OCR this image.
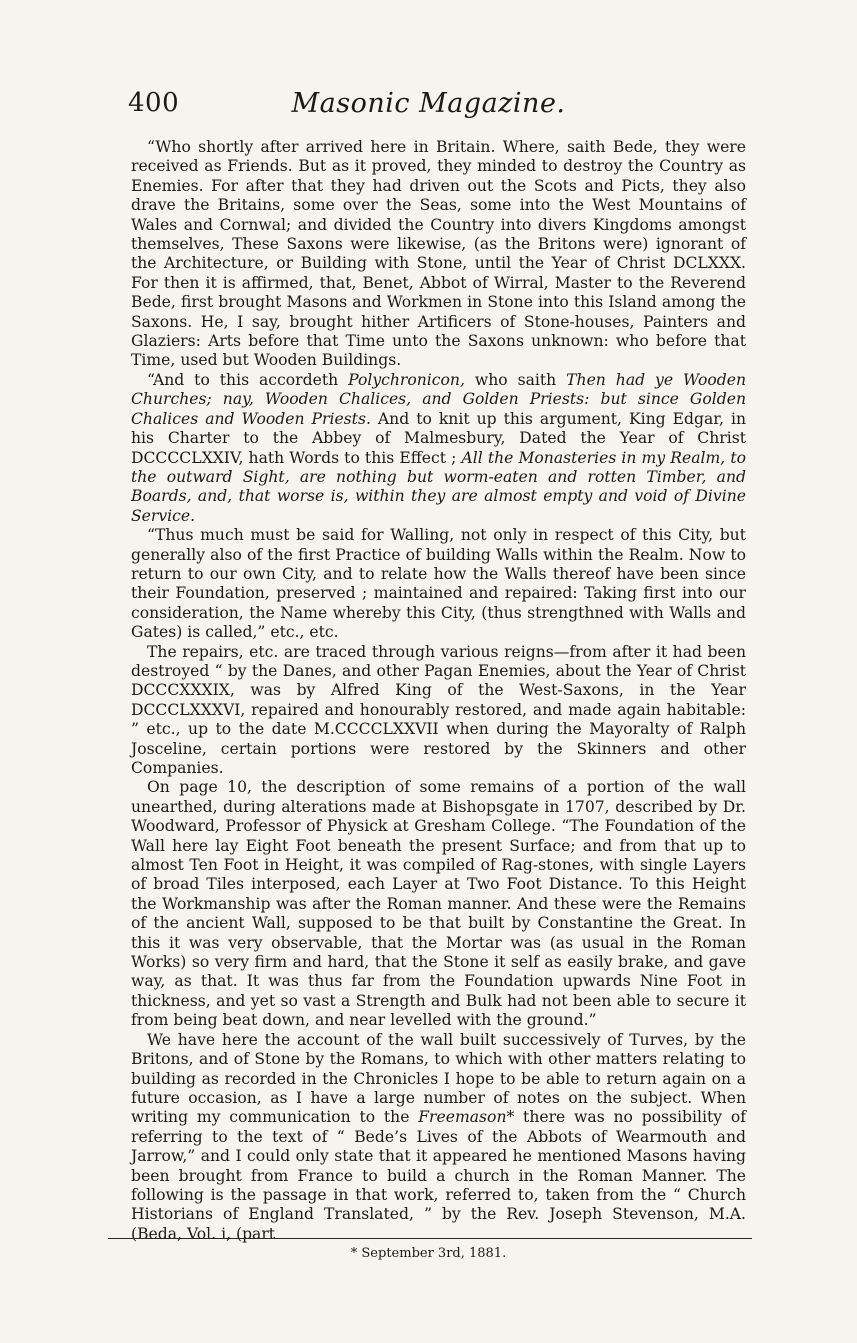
400	Masonic Magazine.

“Who shortly after arrived here in Britain. Where, saith Bede, they were received as Friends. But as it proved, they minded to destroy the Country as Enemies. For after that they had driven out the Scots and Picts, they also drave the Britains, some over the Seas, some into the West Mountains of Wales and Cornwal; and divided the Country into divers Kingdoms amongst themselves, These Saxons were likewise, (as the Britons were) ignorant of the Architecture, or Building with Stone, until the Year of Christ DCLXXX. For then it is affirmed, that, Benet, Abbot of Wirral, Master to the Reverend Bede, first brought Masons and Workmen in Stone into this Island among the Saxons. He, I say, brought hither Artificers of Stone-houses, Painters and Glaziers: Arts before that Time unto the Saxons unknown: who before that Time, used but Wooden Buildings.

“And to this accordeth Polychronicon, who saith Then had ye Wooden Churches; nay, Wooden Chalices, and Golden Priests: but since Golden Chalices and Wooden Priests. And to knit up this argument, King Edgar, in his Charter to the Abbey of Malmesbury, Dated the Year of Christ DCCCCLXXIV, hath Words to this Effect ; All the Monasteries in my Realm, to the outward Sight, are nothing but worm-eaten and rotten Timber, and Boards, and, that worse is, within they are almost empty and void of Divine Service.

“Thus much must be said for Walling, not only in respect of this City, but generally also of the first Practice of building Walls within the Realm. Now to return to our own City, and to relate how the Walls thereof have been since their Foundation, preserved ; maintained and repaired: Taking first into our consideration, the Name whereby this City, (thus strengthned with Walls and Gates) is called,” etc., etc.

The repairs, etc. are traced through various reigns—from after it had been destroyed “ by the Danes, and other Pagan Enemies, about the Year of Christ DCCCXXXIX, was by Alfred King of the West-Saxons, in the Year DCCCLXXXVI, repaired and honourably restored, and made again habitable: ” etc., up to the date M.CCCCLXXVII when during the Mayoralty of Ralph Josceline, certain portions were restored by the Skinners and other Companies.

On page 10, the description of some remains of a portion of the wall unearthed, during alterations made at Bishopsgate in 1707, described by Dr. Woodward, Professor of Physick at Gresham College. “The Foundation of the Wall here lay Eight Foot beneath the present Surface; and from that up to almost Ten Foot in Height, it was compiled of Rag-stones, with single Layers of broad Tiles interposed, each Layer at Two Foot Distance. To this Height the Workmanship was after the Roman manner. And these were the Remains of the ancient Wall, supposed to be that built by Constantine the Great. In this it was very observable, that the Mortar was (as usual in the Roman Works) so very firm and hard, that the Stone it self as easily brake, and gave way, as that. It was thus far from the Foundation upwards Nine Foot in thickness, and yet so vast a Strength and Bulk had not been able to secure it from being beat down, and near levelled with the ground.”

We have here the account of the wall built successively of Turves, by the Britons, and of Stone by the Romans, to which with other matters relating to building as recorded in the Chronicles I hope to be able to return again on a future occasion, as I have a large number of notes on the subject. When writing my communication to the Freemason* there was no possibility of referring to the text of “ Bede’s Lives of the Abbots of Wearmouth and Jarrow,” and I could only state that it appeared he mentioned Masons having been brought from France to build a church in the Roman Manner. The following is the passage in that work, referred to, taken from the “ Church Historians of England Translated, ” by the Rev. Joseph Stevenson, M.A. (Beda, Vol. i, (part

* September 3rd, 1881.
